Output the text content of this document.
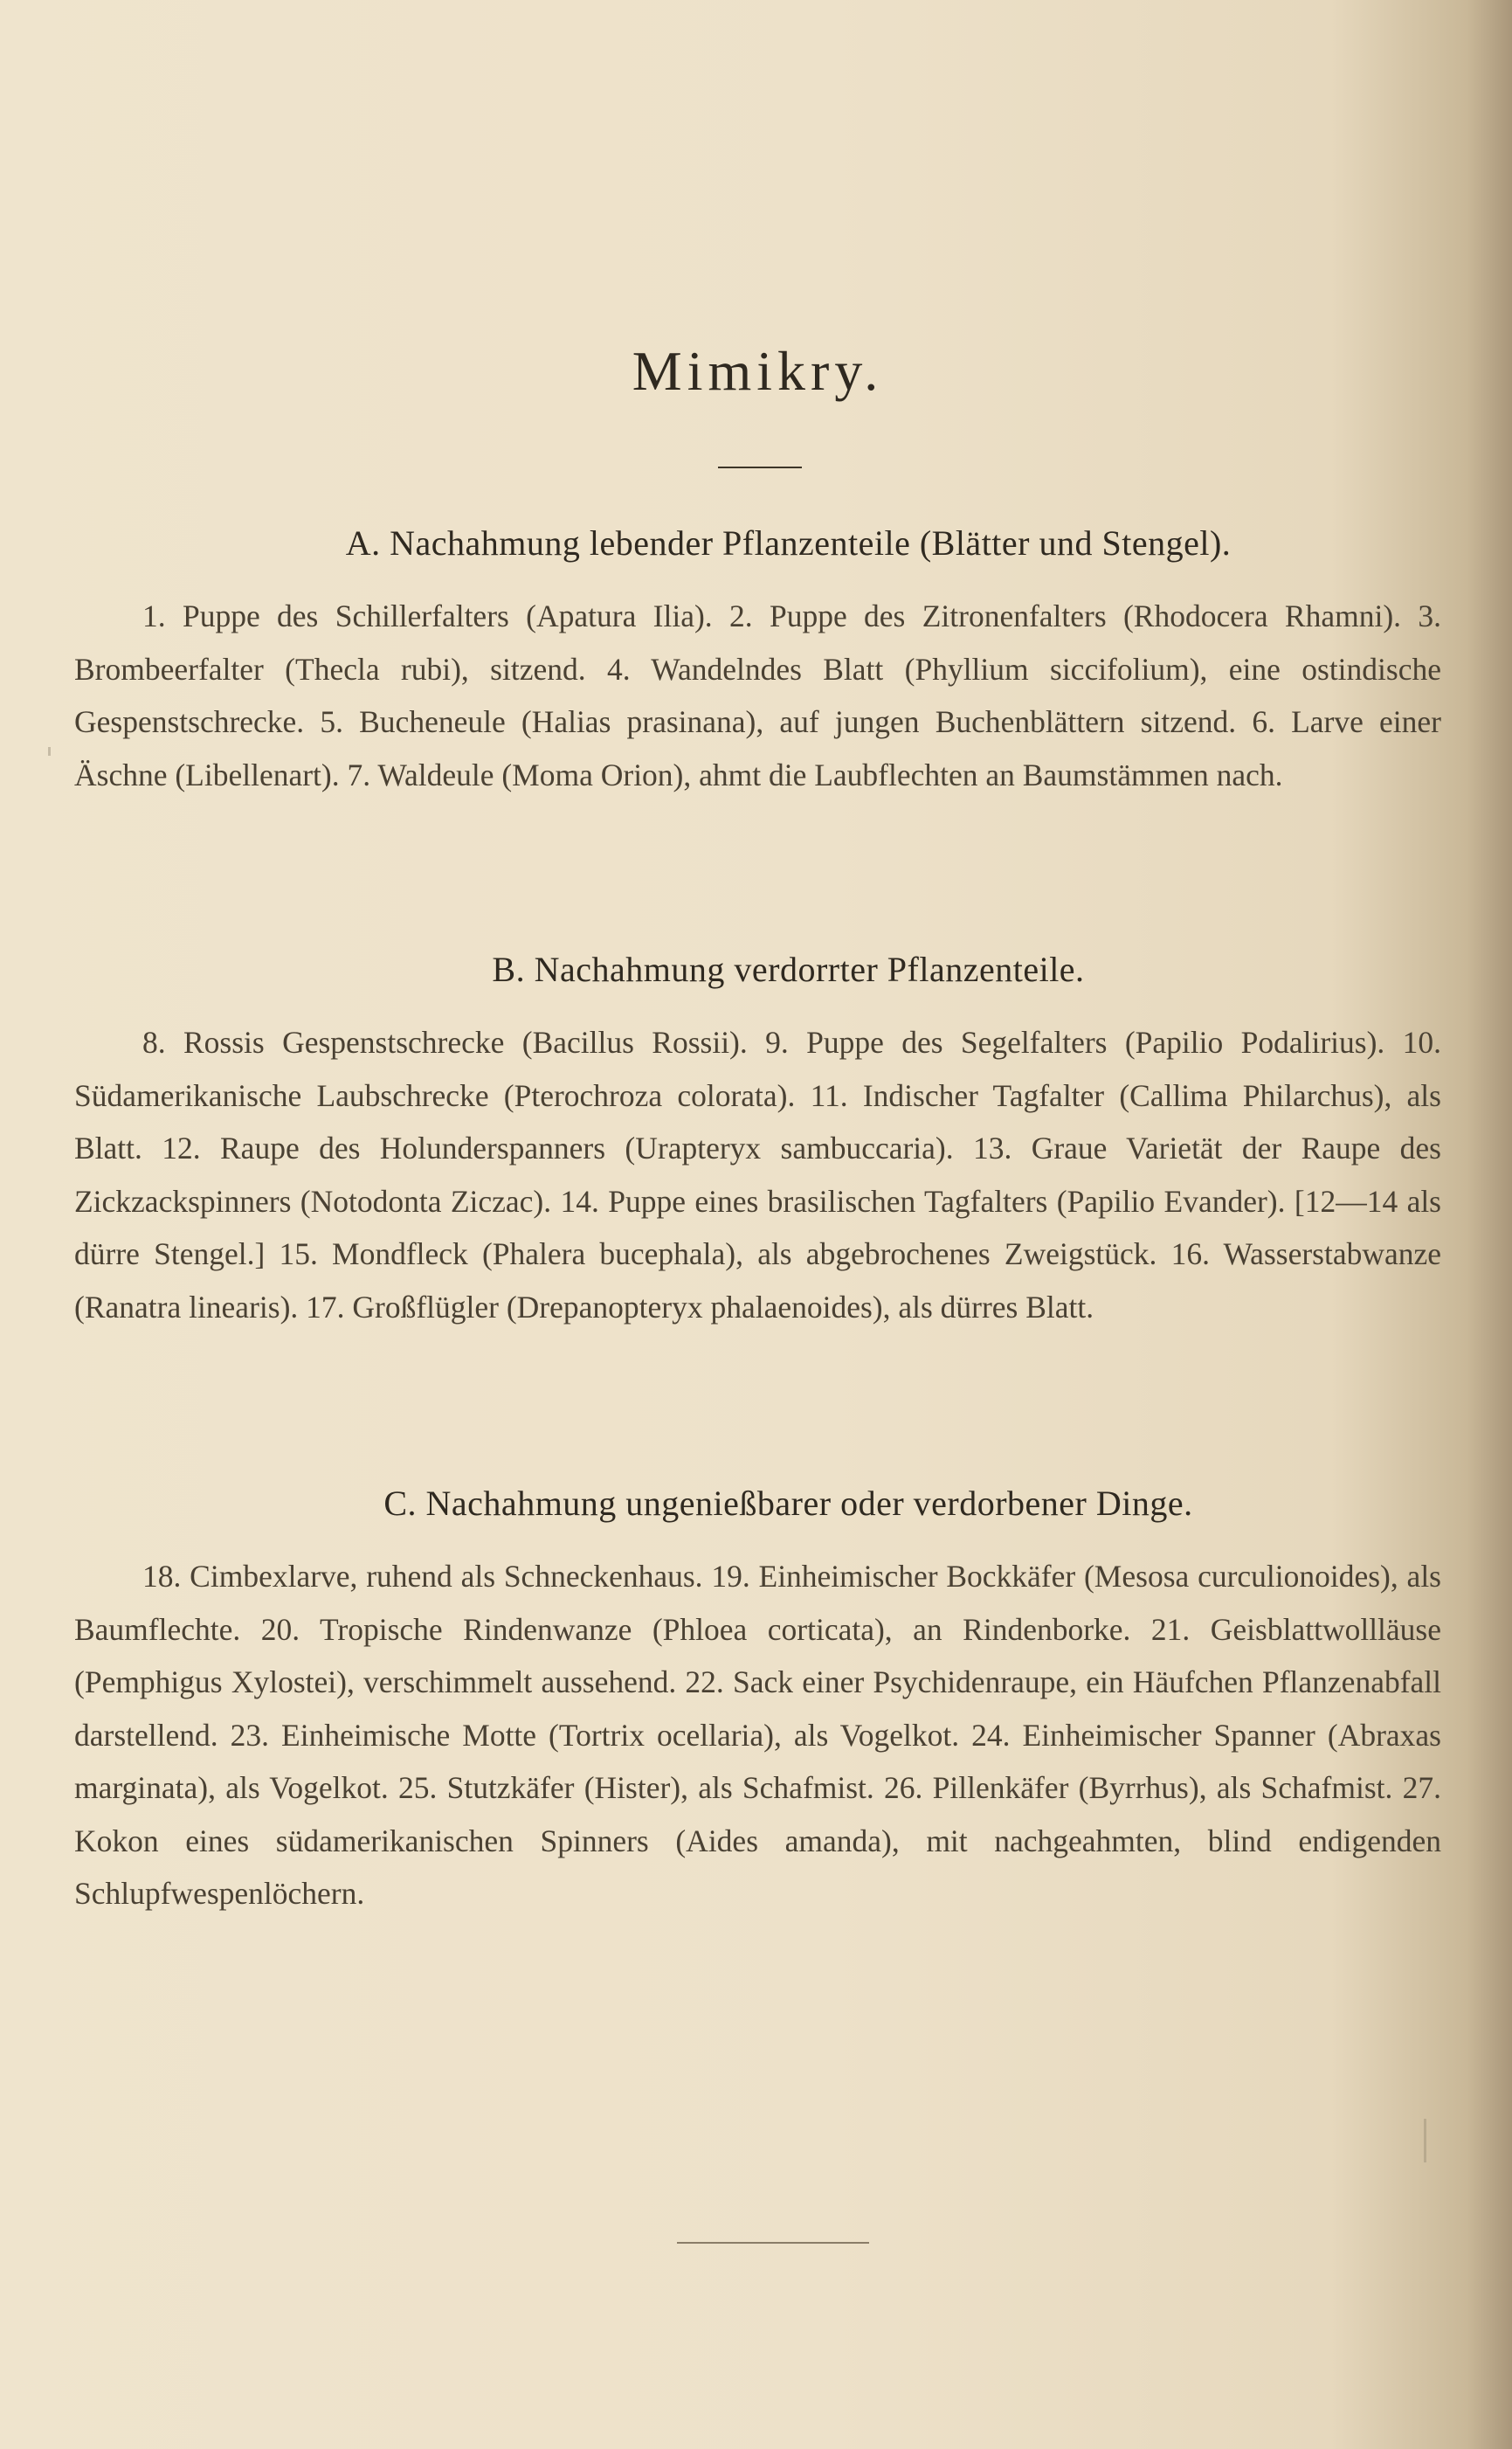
Mimikry.
A. Nachahmung lebender Pflanzenteile (Blätter und Stengel).

1. Puppe des Schillerfalters (Apatura Ilia). 2. Puppe des Zitronenfalters (Rhodocera Rhamni). 3. Brombeerfalter (Thecla rubi), sitzend. 4. Wandelndes Blatt (Phyllium siccifolium), eine ostindische Gespenstschrecke. 5. Bucheneule (Halias prasinana), auf jungen Buchenblättern sitzend. 6. Larve einer Äschne (Libellenart). 7. Waldeule (Moma Orion), ahmt die Laubflechten an Baumstämmen nach.

B. Nachahmung verdorrter Pflanzenteile.

8. Rossis Gespenstschrecke (Bacillus Rossii). 9. Puppe des Segelfalters (Papilio Podalirius). 10. Südamerikanische Laubschrecke (Pterochroza colorata). 11. Indischer Tagfalter (Callima Philarchus), als Blatt. 12. Raupe des Holunderspanners (Urapteryx sambuccaria). 13. Graue Varietät der Raupe des Zickzackspinners (Notodonta Ziczac). 14. Puppe eines brasilischen Tagfalters (Papilio Evander). [12—14 als dürre Stengel.] 15. Mondfleck (Phalera bucephala), als abgebrochenes Zweigstück. 16. Wasserstabwanze (Ranatra linearis). 17. Großflügler (Drepanopteryx phalaenoides), als dürres Blatt.

C. Nachahmung ungenießbarer oder verdorbener Dinge.

18. Cimbexlarve, ruhend als Schneckenhaus. 19. Einheimischer Bockkäfer (Mesosa curculionoides), als Baumflechte. 20. Tropische Rindenwanze (Phloea corticata), an Rindenborke. 21. Geisblattwollläuse (Pemphigus Xylostei), verschimmelt aussehend. 22. Sack einer Psychidenraupe, ein Häufchen Pflanzenabfall darstellend. 23. Einheimische Motte (Tortrix ocellaria), als Vogelkot. 24. Einheimischer Spanner (Abraxas marginata), als Vogelkot. 25. Stutzkäfer (Hister), als Schafmist. 26. Pillenkäfer (Byrrhus), als Schafmist. 27. Kokon eines südamerikanischen Spinners (Aides amanda), mit nachgeahmten, blind endigenden Schlupfwespenlöchern.
